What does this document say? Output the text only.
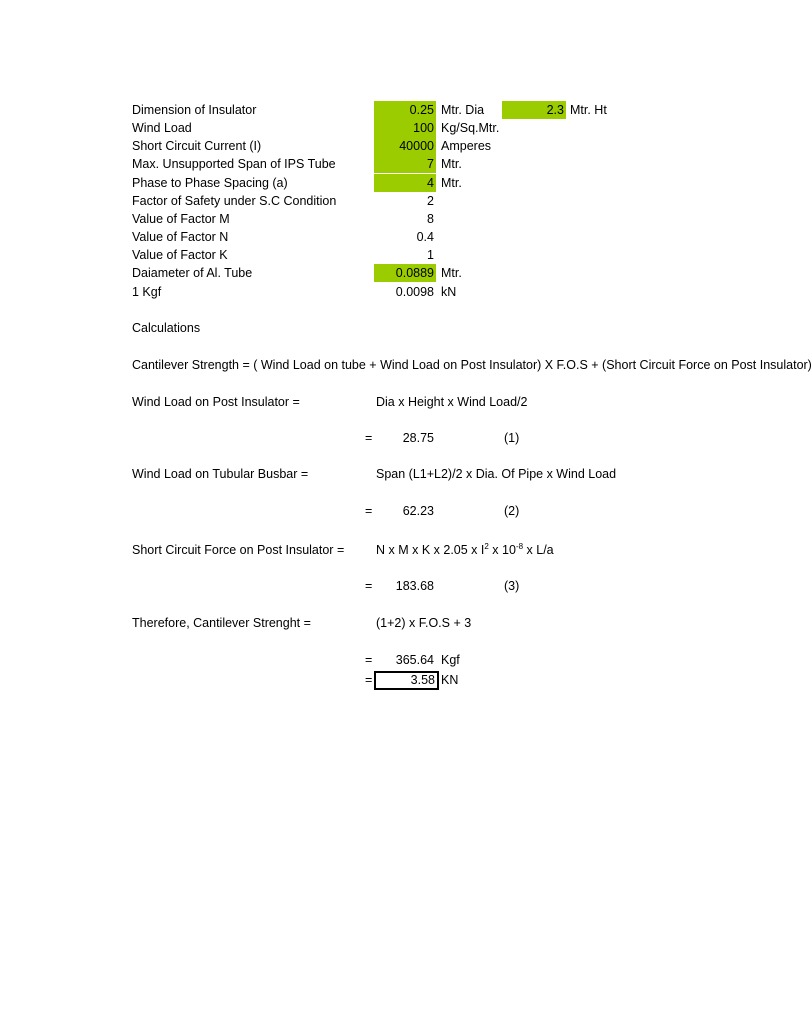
Dimension of Insulator	0.25 Mtr. Dia	2.3 Mtr. Ht
Wind Load	100 Kg/Sq.Mtr.
Short Circuit Current (I)	40000 Amperes
Max. Unsupported Span of IPS Tube	7 Mtr.
Phase to Phase Spacing (a)	4 Mtr.
Factor of Safety under S.C Condition	2
Value of Factor M	8
Value of Factor N	0.4
Value of Factor K	1
Daiameter of Al. Tube	0.0889 Mtr.
1 Kgf	0.0098 kN
Calculations
Cantilever Strength = ( Wind Load on tube + Wind Load on Post Insulator) X F.O.S + (Short Circuit Force on Post Insulator)
Wind Load on Post Insulator =	Dia x Height x Wind Load/2
=	28.75	(1)
Wind Load on Tubular Busbar =	Span (L1+L2)/2 x Dia. Of Pipe x Wind Load
=	62.23	(2)
Short Circuit Force on Post Insulator =	N x M x K x 2.05 x $I^2$ x $10^{-8}$ x L/a
=	183.68	(3)
Therefore, Cantilever Strenght =	(1+2) x F.O.S + 3
=	365.64 Kgf
=	3.58 KN
